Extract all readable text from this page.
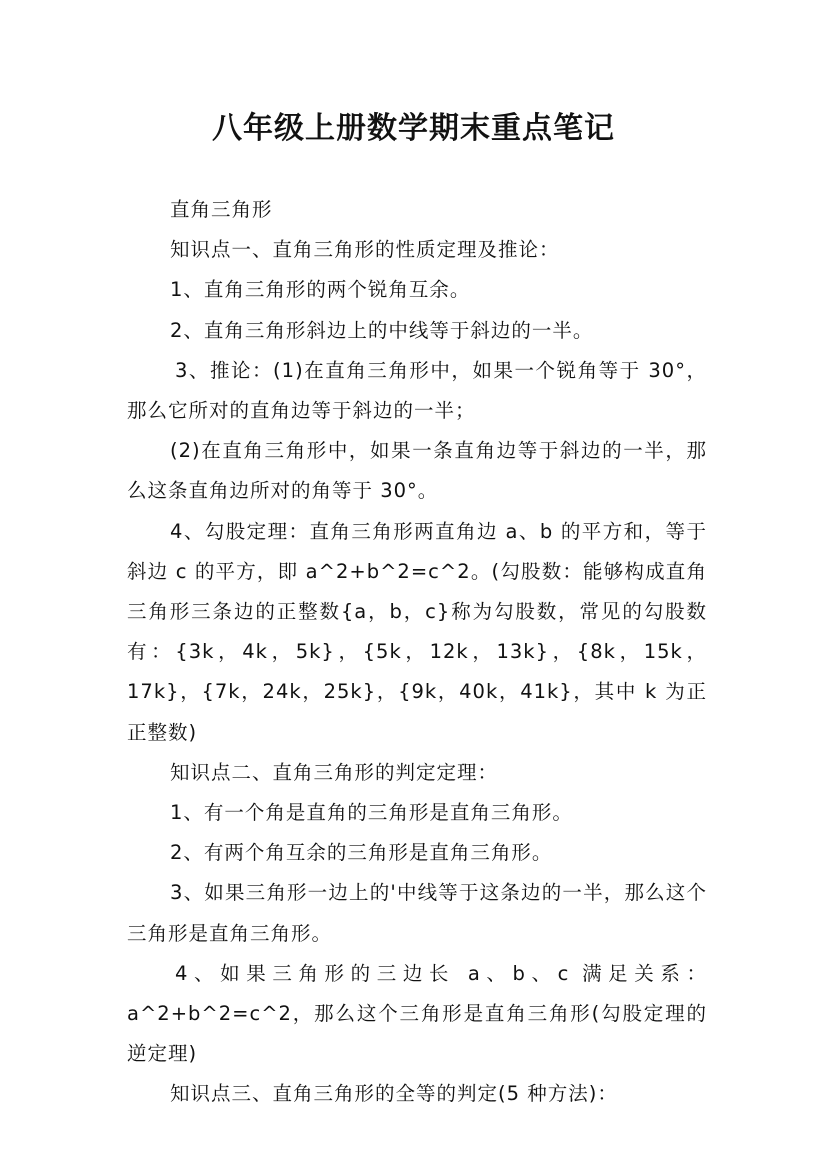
八年级上册数学期末重点笔记

直角三角形

知识点一、直角三角形的性质定理及推论：

1、直角三角形的两个锐角互余。

2、直角三角形斜边上的中线等于斜边的一半。

3、推论：(1)在直角三角形中，如果一个锐角等于 30°，那么它所对的直角边等于斜边的一半；

(2)在直角三角形中，如果一条直角边等于斜边的一半，那么这条直角边所对的角等于 30°。

4、勾股定理：直角三角形两直角边 a、b 的平方和，等于斜边 c 的平方，即 a^2+b^2=c^2。(勾股数：能够构成直角三角形三条边的正整数{a，b，c}称为勾股数，常见的勾股数有：{3k，4k，5k}，{5k，12k，13k}，{8k，15k，17k}，{7k，24k，25k}，{9k，40k，41k}，其中 k 为正正整数)

知识点二、直角三角形的判定定理：

1、有一个角是直角的三角形是直角三角形。

2、有两个角互余的三角形是直角三角形。

3、如果三角形一边上的'中线等于这条边的一半，那么这个三角形是直角三角形。

4、如果三角形的三边长 a、b、c 满足关系：a^2+b^2=c^2，那么这个三角形是直角三角形(勾股定理的逆定理)

知识点三、直角三角形的全等的判定(5 种方法)：
